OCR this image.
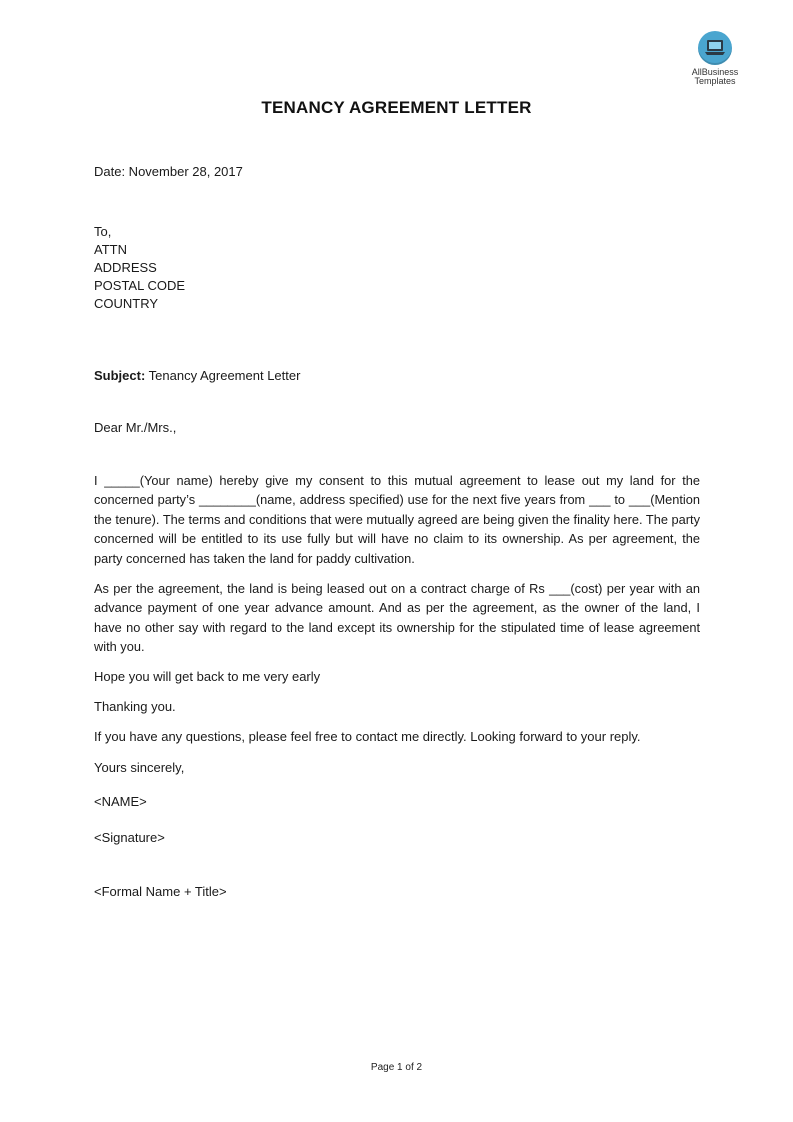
AllBusiness
Templates
TENANCY AGREEMENT LETTER
Date: November 28, 2017
To,
ATTN
ADDRESS
POSTAL CODE
COUNTRY
Subject: Tenancy Agreement Letter
Dear Mr./Mrs.,
I _____(Your name) hereby give my consent to this mutual agreement to lease out my land for the concerned party’s ________(name, address specified) use for the next five years from ___ to ___(Mention the tenure). The terms and conditions that were mutually agreed are being given the finality here. The party concerned will be entitled to its use fully but will have no claim to its ownership. As per agreement, the party concerned has taken the land for paddy cultivation.
As per the agreement, the land is being leased out on a contract charge of Rs ___(cost) per year with an advance payment of one year advance amount. And as per the agreement, as the owner of the land, I have no other say with regard to the land except its ownership for the stipulated time of lease agreement with you.
Hope you will get back to me very early
Thanking you.
If you have any questions, please feel free to contact me directly. Looking forward to your reply.
Yours sincerely,
<NAME>
<Signature>
<Formal Name + Title>
Page 1 of 2
